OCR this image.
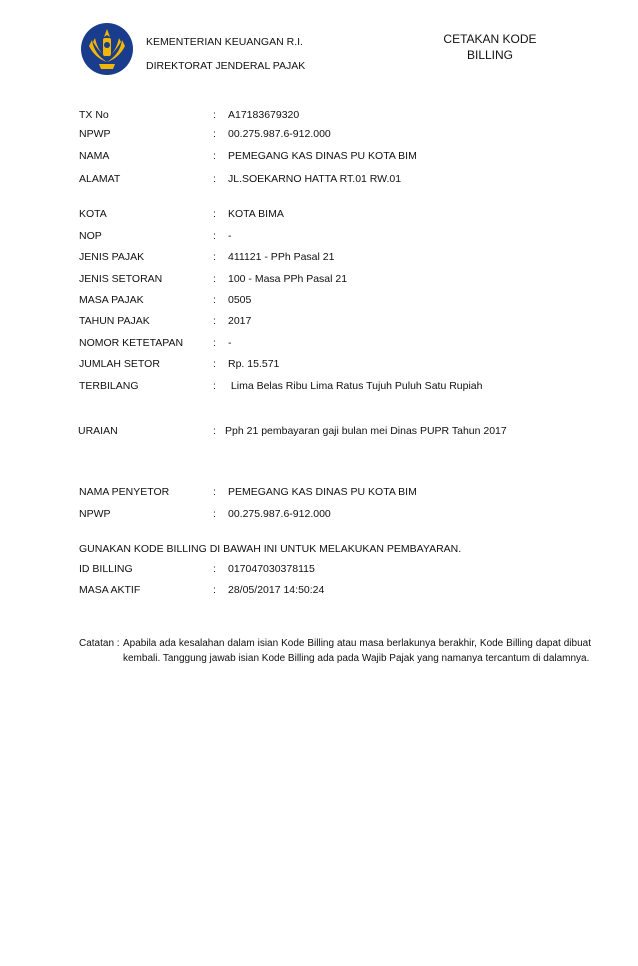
KEMENTERIAN KEUANGAN R.I.
DIREKTORAT JENDERAL PAJAK
CETAKAN KODE
BILLING
TX No	: A17183679320
NPWP	: 00.275.987.6-912.000
NAMA	: PEMEGANG KAS DINAS PU KOTA BIM
ALAMAT	: JL.SOEKARNO HATTA RT.01 RW.01
KOTA	: KOTA BIMA
NOP	: -
JENIS PAJAK	: 411121 - PPh Pasal 21
JENIS SETORAN	: 100 - Masa PPh Pasal 21
MASA PAJAK	: 0505
TAHUN PAJAK	: 2017
NOMOR KETETAPAN	: -
JUMLAH SETOR	: Rp. 15.571
TERBILANG	: Lima Belas Ribu Lima Ratus Tujuh Puluh Satu Rupiah
URAIAN	: Pph 21 pembayaran gaji bulan mei Dinas PUPR Tahun 2017
NAMA PENYETOR	: PEMEGANG KAS DINAS PU KOTA BIM
NPWP	: 00.275.987.6-912.000
GUNAKAN KODE BILLING DI BAWAH INI UNTUK MELAKUKAN PEMBAYARAN.
ID BILLING	: 017047030378115
MASA AKTIF	: 28/05/2017 14:50:24
Catatan : Apabila ada kesalahan dalam isian Kode Billing atau masa berlakunya berakhir, Kode Billing dapat dibuat kembali. Tanggung jawab isian Kode Billing ada pada Wajib Pajak yang namanya tercantum di dalamnya.
